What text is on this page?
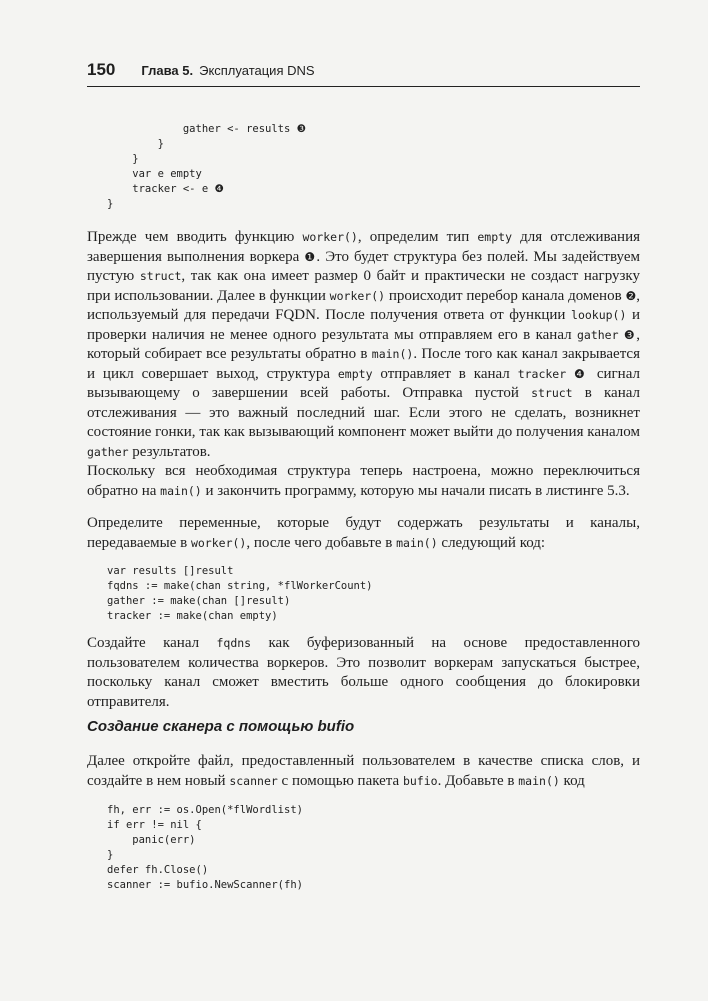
150 Глава 5. Эксплуатация DNS
gather <- results ❸
}
}
var e empty
tracker <- e ❹
}

Прежде чем вводить функцию worker(), определим тип empty для отслеживания завершения выполнения воркера ❶. Это будет структура без полей. Мы задействуем пустую struct, так как она имеет размер 0 байт и практически не создаст нагрузку при использовании. Далее в функции worker() происходит перебор канала доменов ❷, используемый для передачи FQDN. После получения ответа от функции lookup() и проверки наличия не менее одного результата мы отправляем его в канал gather ❸, который собирает все результаты обратно в main(). После того как канал закрывается и цикл совершает выход, структура empty отправляет в канал tracker ❹ сигнал вызывающему о завершении всей работы. Отправка пустой struct в канал отслеживания — это важный последний шаг. Если этого не сделать, возникнет состояние гонки, так как вызывающий компонент может выйти до получения каналом gather результатов.

Поскольку вся необходимая структура теперь настроена, можно переключиться обратно на main() и закончить программу, которую мы начали писать в листинге 5.3.

Определите переменные, которые будут содержать результаты и каналы, передаваемые в worker(), после чего добавьте в main() следующий код:

var results []result
fqdns := make(chan string, *flWorkerCount)
gather := make(chan []result)
tracker := make(chan empty)

Создайте канал fqdns как буферизованный на основе предоставленного пользователем количества воркеров. Это позволит воркерам запускаться быстрее, поскольку канал сможет вместить больше одного сообщения до блокировки отправителя.

Создание сканера с помощью bufio

Далее откройте файл, предоставленный пользователем в качестве списка слов, и создайте в нем новый scanner с помощью пакета bufio. Добавьте в main() код

fh, err := os.Open(*flWordlist)
if err != nil {
panic(err)
}
defer fh.Close()
scanner := bufio.NewScanner(fh)
